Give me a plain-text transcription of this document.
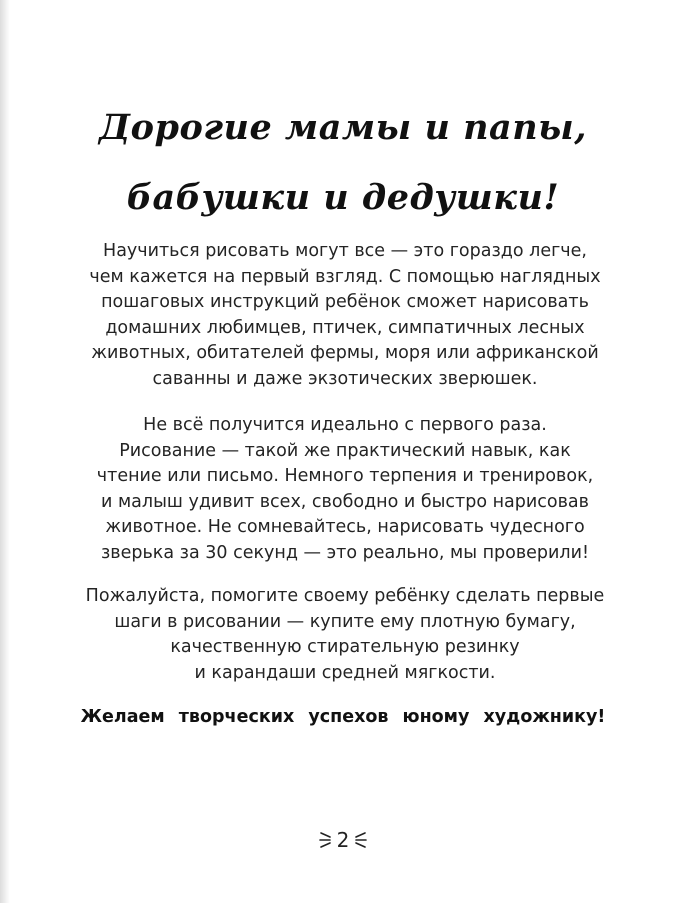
Дорогие мамы и папы,
бабушки и дедушки!

Научиться рисовать могут все — это гораздо легче,
чем кажется на первый взгляд. С помощью наглядных
пошаговых инструкций ребёнок сможет нарисовать
домашних любимцев, птичек, симпатичных лесных
животных, обитателей фермы, моря или африканской
саванны и даже экзотических зверюшек.

Не всё получится идеально с первого раза.
Рисование — такой же практический навык, как
чтение или письмо. Немного терпения и тренировок,
и малыш удивит всех, свободно и быстро нарисовав
животное. Не сомневайтесь, нарисовать чудесного
зверька за 30 секунд — это реально, мы проверили!

Пожалуйста, помогите своему ребёнку сделать первые
шаги в рисовании — купите ему плотную бумагу,
качественную стирательную резинку
и карандаши средней мягкости.

Желаем творческих успехов юному художнику!

2
